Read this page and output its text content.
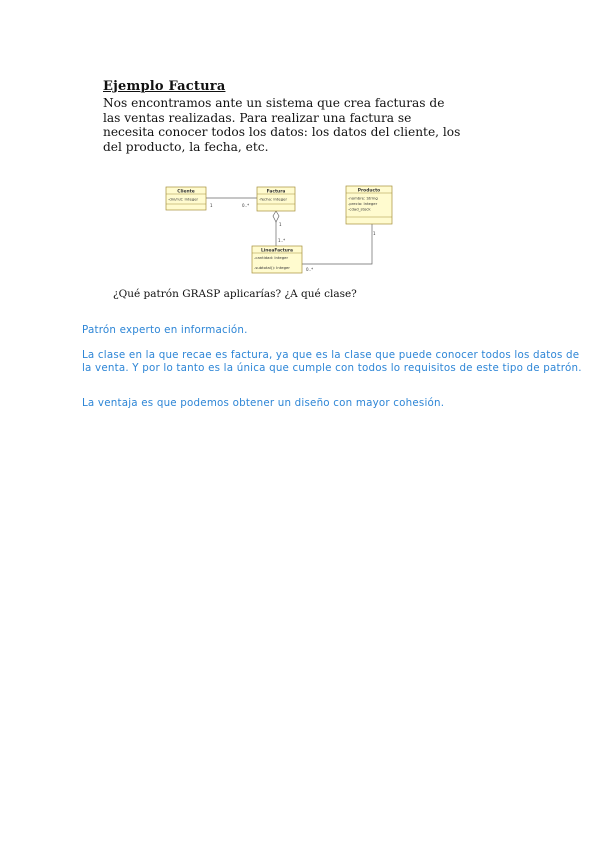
Ejemplo Factura
Nos encontramos ante un sistema que crea facturas de
las ventas realizadas. Para realizar una factura se
necesita conocer todos los datos: los datos del cliente, los
del producto, la fecha, etc.
Cliente
-dni/rut: Integer
Factura
-fecha: Integer
Producto
-nombre: String
-precio: Integer
-cdad_stock
LineaFactura
-cantidad: Integer
-subtotal(): Integer
1	0..*
1
1..*
1
0..*
¿Qué patrón GRASP aplicarías? ¿A qué clase?
Patrón experto en información.
La clase en la que recae es factura, ya que es la clase que puede conocer todos los datos de
la venta. Y por lo tanto es la única que cumple con todos lo requisitos de este tipo de patrón.
La ventaja es que podemos obtener un diseño con mayor cohesión.
